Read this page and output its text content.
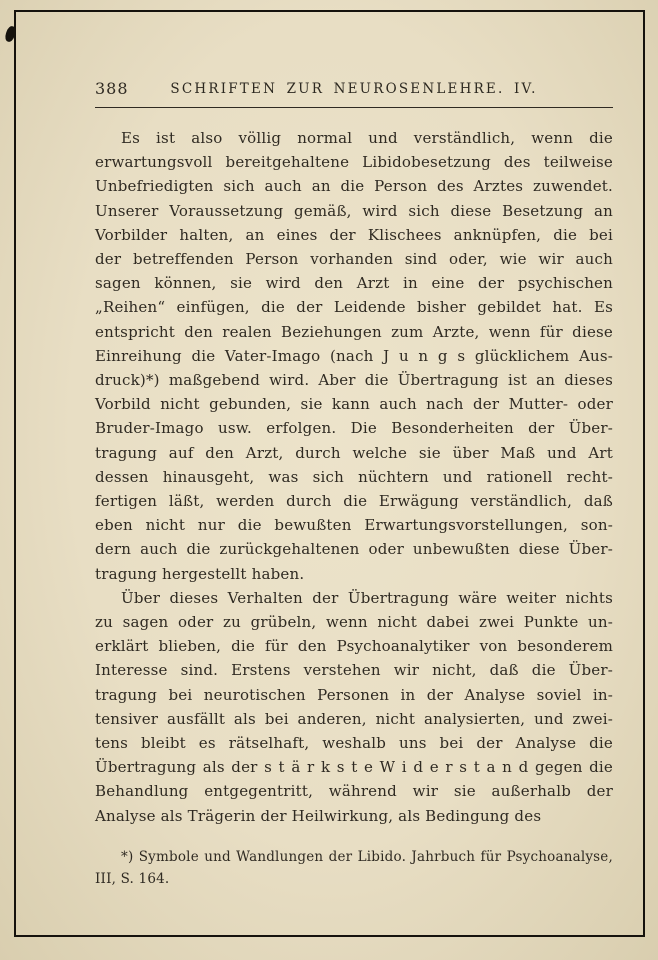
388	SCHRIFTEN ZUR NEUROSENLEHRE. IV.
Es ist also völlig normal und verständlich, wenn die
erwartungsvoll bereitgehaltene Libidobesetzung des teilweise
Unbefriedigten sich auch an die Person des Arztes zuwendet.
Unserer Voraussetzung gemäß, wird sich diese Besetzung an
Vorbilder halten, an eines der Klischees anknüpfen, die bei
der betreffenden Person vorhanden sind oder, wie wir auch
sagen können, sie wird den Arzt in eine der psychischen
„Reihen“ einfügen, die der Leidende bisher gebildet hat. Es
entspricht den realen Beziehungen zum Arzte, wenn für diese
Einreihung die Vater-Imago (nach J u n g s glücklichem Aus-
druck)*) maßgebend wird. Aber die Übertragung ist an dieses
Vorbild nicht gebunden, sie kann auch nach der Mutter- oder
Bruder-Imago usw. erfolgen. Die Besonderheiten der Über-
tragung auf den Arzt, durch welche sie über Maß und Art
dessen hinausgeht, was sich nüchtern und rationell recht-
fertigen läßt, werden durch die Erwägung verständlich, daß
eben nicht nur die bewußten Erwartungsvorstellungen, son-
dern auch die zurückgehaltenen oder unbewußten diese Über-
tragung hergestellt haben.
Über dieses Verhalten der Übertragung wäre weiter nichts
zu sagen oder zu grübeln, wenn nicht dabei zwei Punkte un-
erklärt blieben, die für den Psychoanalytiker von besonderem
Interesse sind. Erstens verstehen wir nicht, daß die Über-
tragung bei neurotischen Personen in der Analyse soviel in-
tensiver ausfällt als bei anderen, nicht analysierten, und zwei-
tens bleibt es rätselhaft, weshalb uns bei der Analyse die
Übertragung als der s t ä r k s t e W i d e r s t a n d gegen die
Behandlung entgegentritt, während wir sie außerhalb der
Analyse als Trägerin der Heilwirkung, als Bedingung des
*) Symbole und Wandlungen der Libido. Jahrbuch für Psychoanalyse,
III, S. 164.
